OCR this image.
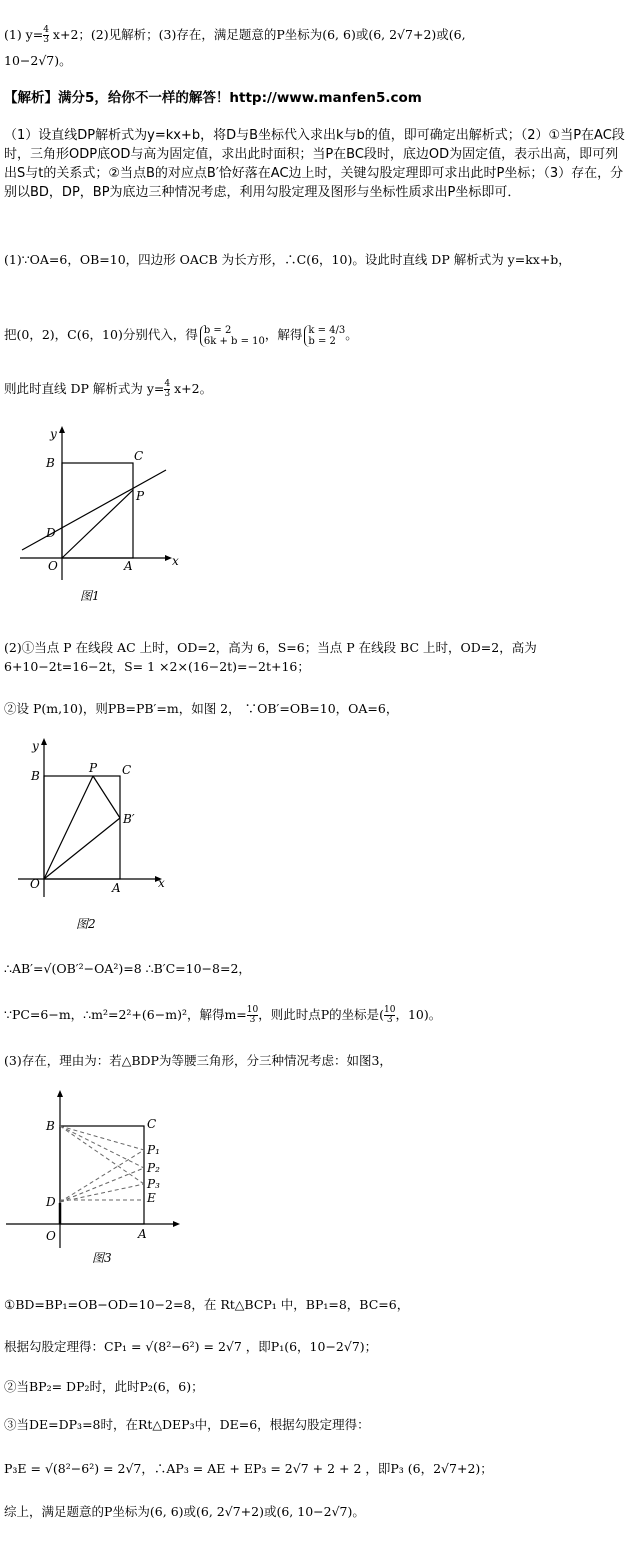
(1) $y= \frac{4}{3} x+2$；(2)见解析；(3)存在，满足题意的P坐标为(6, 6)或(6, 2√7+2)或(6,
10−2√7)。
【解析】满分5，给你不一样的解答！http://www.manfen5.com
（1）设直线DP解析式为y=kx+b，将D与B坐标代入求出k与b的值，即可确定出解析式；（2）①当P在AC段时，三角形ODP底OD与高为固定值，求出此时面积；当P在BC段时，底边OD为固定值，表示出高，即可列出S与t的关系式；②当点B的对应点B′恰好落在AC边上时，关键勾股定理即可求出此时P坐标；（3）存在，分别以BD，DP，BP为底边三种情况考虑，利用勾股定理及图形与坐标性质求出P坐标即可．
(1)∵OA=6，OB=10，四边形 OACB 为长方形，∴C(6，10)。设此时直线 DP 解析式为 y=kx+b，
把(0，2)，C(6，10)分别代入，得 b = 2
6k + b = 10 ，解得 k = 4/3
b = 2 。
则此时直线 DP 解析式为 $y= \frac{4}{3} x+2$。
y
x
B	C
P
D
O	A
图1
(2)①当点 P 在线段 AC 上时，OD=2，高为 6，S=6；当点 P 在线段 BC 上时，OD=2，高为 6+10−2t=16−2t，S= 1 ×2×(16−2t)=−2t+16；
②设 P(m,10)，则PB=PB′=m，如图 2， ∵OB′=OB=10，OA=6，
y
x
B
P C
B′
O	A
图2
∴AB′=√(OB′²−OA²)=8 ∴B′C=10−8=2，
∵PC=6−m，∴m²=2²+(6−m)²，解得$m= \frac{10}{3}$ ，则此时点P的坐标是( $\frac{10}{3}$ ，10)。
(3)存在，理由为：若△BDP为等腰三角形，分三种情况考虑：如图3，
B	C
P₁
P₂
P₃
E
D
O	A
图3
①BD=BP₁=OB−OD=10−2=8，在 Rt△BCP₁ 中，BP₁=8，BC=6，
根据勾股定理得：CP₁ = √(8²−6²) = 2√7 ，即P₁(6，10−2√7)；
②当BP₂= DP₂时，此时P₂(6，6)；
③当DE=DP₃=8时，在Rt△DEP₃中，DE=6，根据勾股定理得：
P₃E = √(8²−6²) = 2√7，∴AP₃ = AE + EP₃ = 2√7 + 2 + 2 ，即P₃ (6，2√7+2)；
综上，满足题意的P坐标为(6, 6)或(6, 2√7+2)或(6, 10−2√7)。
